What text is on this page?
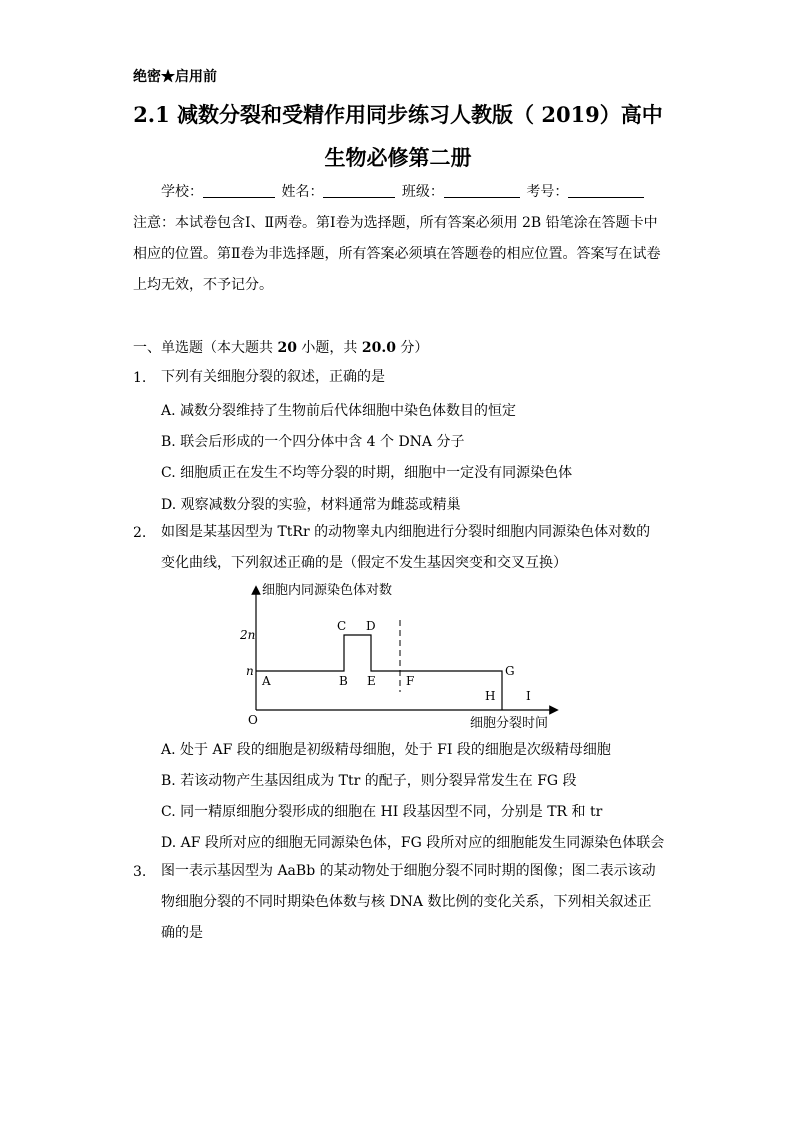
绝密★启用前
2.1 减数分裂和受精作用同步练习人教版（ 2019）高中
生物必修第二册
学校：	姓名：	班级：	考号：
注意：本试卷包含Ⅰ、Ⅱ两卷。第Ⅰ卷为选择题，所有答案必须用 2B 铅笔涂在答题卡中相应的位置。第Ⅱ卷为非选择题，所有答案必须填在答题卷的相应位置。答案写在试卷上均无效，不予记分。
一、单选题（本大题共 20 小题，共 20.0 分）
1. 下列有关细胞分裂的叙述，正确的是
A. 减数分裂维持了生物前后代体细胞中染色体数目的恒定
B. 联会后形成的一个四分体中含 4 个 DNA 分子
C. 细胞质正在发生不均等分裂的时期，细胞中一定没有同源染色体
D. 观察减数分裂的实验，材料通常为雌蕊或精巢
2. 如图是某基因型为 TtRr 的动物睾丸内细胞进行分裂时细胞内同源染色体对数的变化曲线，下列叙述正确的是（假定不发生基因突变和交叉互换）
细胞内同源染色体对数
2n
n
O
A	B
C D
E	F
G
H	I
细胞分裂时间
A. 处于 AF 段的细胞是初级精母细胞，处于 FI 段的细胞是次级精母细胞
B. 若该动物产生基因组成为 Ttr 的配子，则分裂异常发生在 FG 段
C. 同一精原细胞分裂形成的细胞在 HI 段基因型不同，分别是 TR 和 tr
D. AF 段所对应的细胞无同源染色体，FG 段所对应的细胞能发生同源染色体联会
3. 图一表示基因型为 AaBb 的某动物处于细胞分裂不同时期的图像；图二表示该动物细胞分裂的不同时期染色体数与核 DNA 数比例的变化关系，下列相关叙述正确的是
